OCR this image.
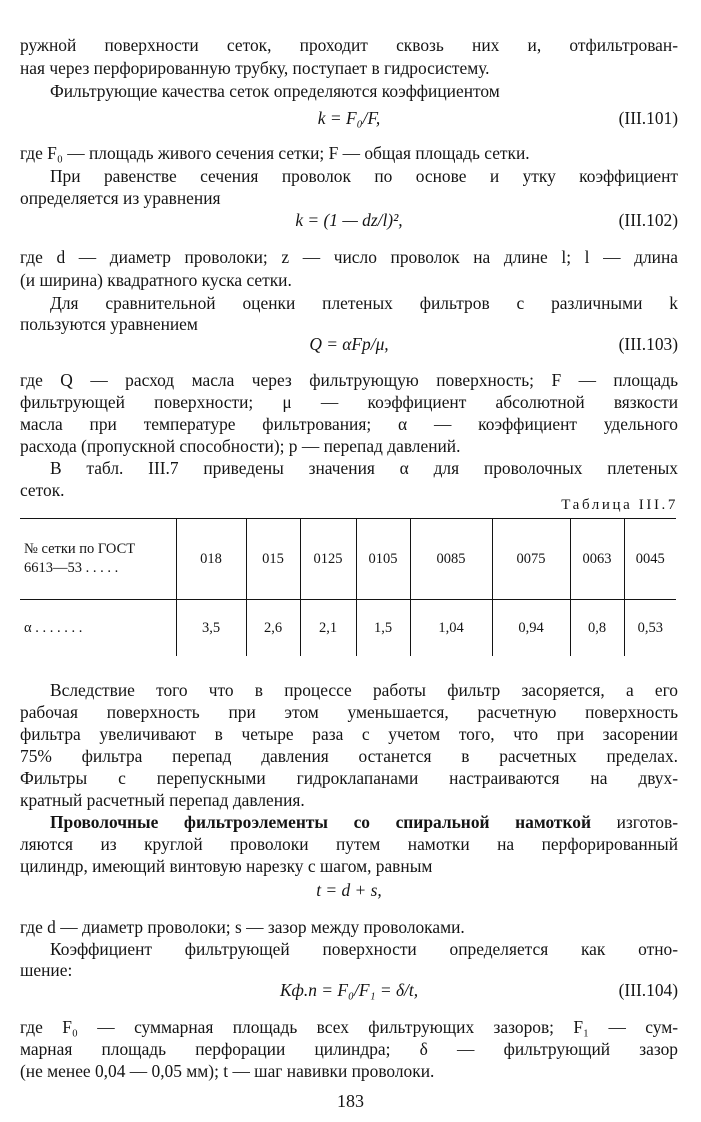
ружной поверхности сеток, проходит сквозь них и, отфильтрован-

ная через перфорированную трубку, поступает в гидросистему.

Фильтрующие качества сеток определяются коэффициентом

k = F₀/F,	(III.101)

где F₀ — площадь живого сечения сетки; F — общая площадь сетки.

При равенстве сечения проволок по основе и утку коэффициент

определяется из уравнения

k = (1 — dz/l)²,	(III.102)

где d — диаметр проволоки; z — число проволок на длине l; l — длина

(и ширина) квадратного куска сетки.

Для сравнительной оценки плетеных фильтров с различными k

пользуются уравнением

Q = αFp/μ,	(III.103)

где Q — расход масла через фильтрующую поверхность; F — площадь

фильтрующей поверхности; μ — коэффициент абсолютной вязкости

масла при температуре фильтрования; α — коэффициент удельного

расхода (пропускной способности); p — перепад давлений.

В табл. III.7 приведены значения α для проволочных плетеных

сеток.

Таблица III.7
№ сетки по ГОСТ
6613—53 . . . . .	018	015	0125	0105	0085	0075	0063	0045
α . . . . . . .	3,5	2,6	2,1	1,5	1,04	0,94	0,8	0,53

Вследствие того что в процессе работы фильтр засоряется, а его

рабочая поверхность при этом уменьшается, расчетную поверхность

фильтра увеличивают в четыре раза с учетом того, что при засорении

75% фильтра перепад давления останется в расчетных пределах.

Фильтры с перепускными гидроклапанами настраиваются на двух-

кратный расчетный перепад давления.

Проволочные фильтроэлементы со спиральной намоткой изготов-

ляются из круглой проволоки путем намотки на перфорированный

цилиндр, имеющий винтовую нарезку с шагом, равным

t = d + s,

где d — диаметр проволоки; s — зазор между проволоками.

Коэффициент фильтрующей поверхности определяется как отно-

шение:

Kф.п = F₀/F₁ = δ/t,	(III.104)

где F₀ — суммарная площадь всех фильтрующих зазоров; F₁ — сум-

марная площадь перфорации цилиндра; δ — фильтрующий зазор

(не менее 0,04 — 0,05 мм); t — шаг навивки проволоки.

183
